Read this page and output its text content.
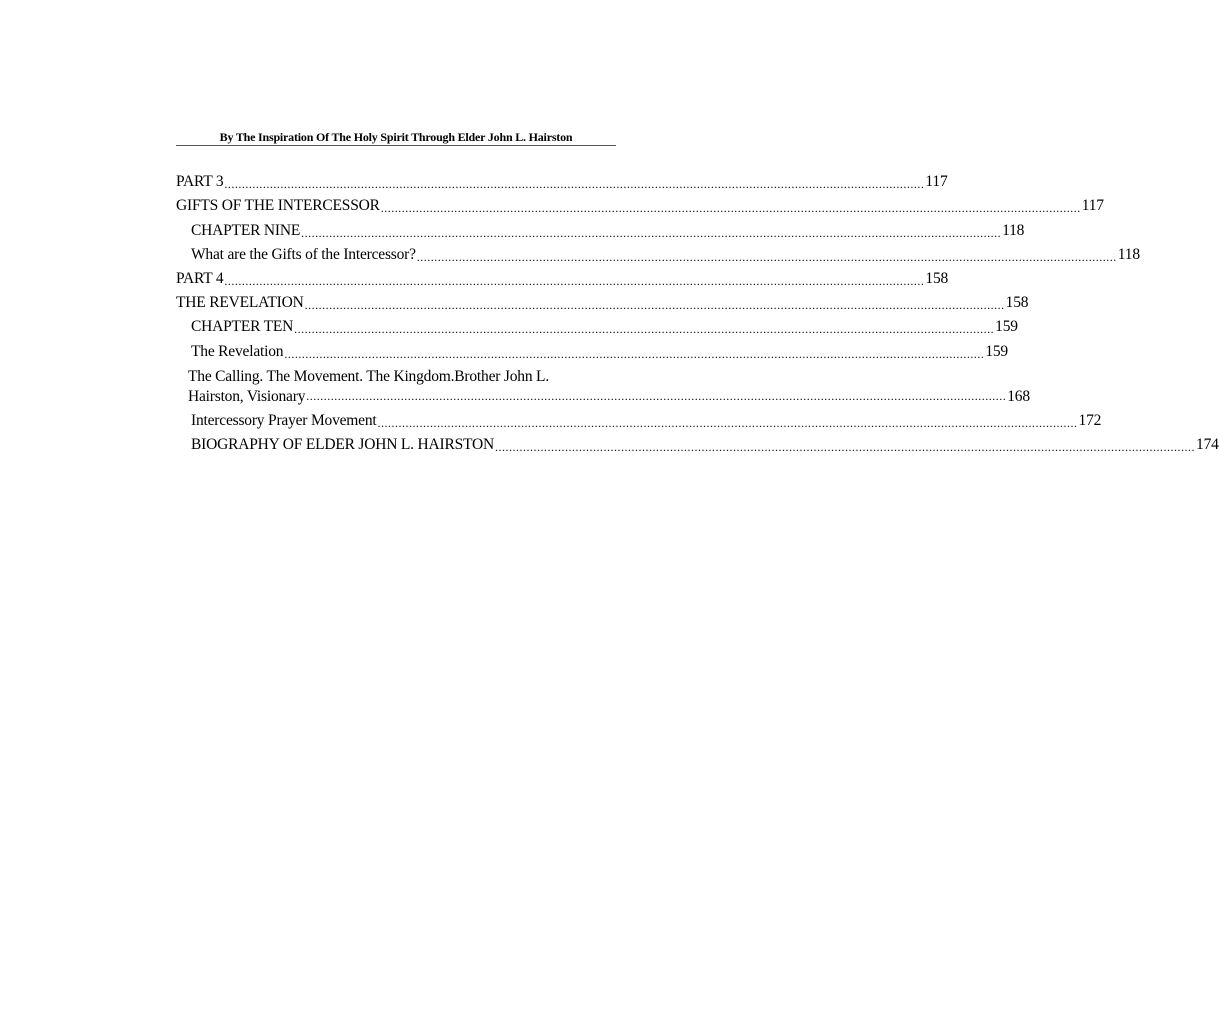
By The Inspiration Of The Holy Spirit Through Elder John L. Hairston
PART 3 ........................................................................................................................................................................................................ 117
GIFTS OF THE INTERCESSOR ........................................................................................................................................................................................................ 117
CHAPTER NINE ........................................................................................................................................................................................................ 118
What are the Gifts of the Intercessor? ........................................................................................................................................................................................................ 118
PART 4 ........................................................................................................................................................................................................ 158
THE REVELATION ........................................................................................................................................................................................................ 158
CHAPTER TEN ........................................................................................................................................................................................................ 159
The Revelation ........................................................................................................................................................................................................ 159
The Calling. The Movement. The Kingdom.Brother John L.
Hairston, Visionary ........................................................................................................................................................................................................ 168
Intercessory Prayer Movement ........................................................................................................................................................................................................ 172
BIOGRAPHY OF ELDER JOHN L. HAIRSTON ........................................................................................................................................................................................................ 174
